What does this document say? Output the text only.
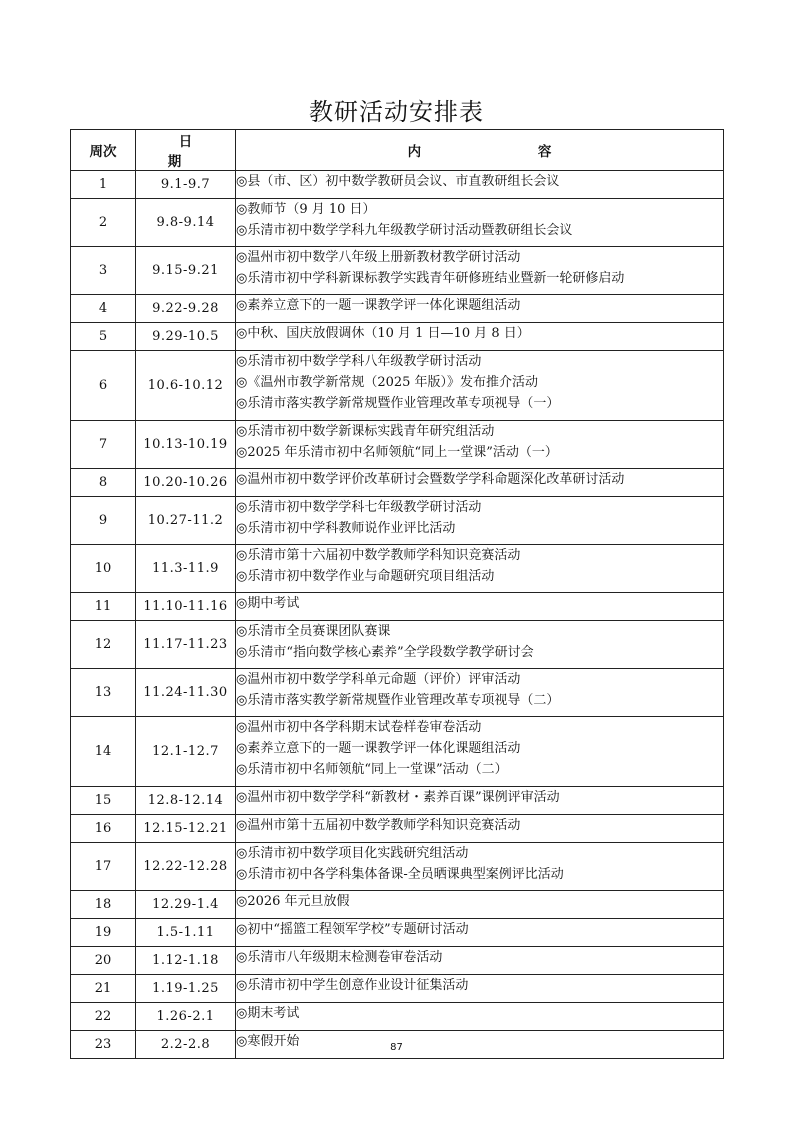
教研活动安排表
周次	日 期	内 容
1	9.1-9.7	◎县（市、区）初中数学教研员会议、市直教研组长会议

2	9.8-9.14	◎教师节（9 月 10 日）
◎乐清市初中数学学科九年级教学研讨活动暨教研组长会议

3	9.15-9.21	◎温州市初中数学八年级上册新教材教学研讨活动
◎乐清市初中学科新课标教学实践青年研修班结业暨新一轮研修启动

4	9.22-9.28	◎素养立意下的一题一课教学评一体化课题组活动

5	9.29-10.5	◎中秋、国庆放假调休（10 月 1 日—10 月 8 日）

6	10.6-10.12	◎乐清市初中数学学科八年级教学研讨活动
◎《温州市教学新常规（2025 年版）》发布推介活动
◎乐清市落实教学新常规暨作业管理改革专项视导（一）

7	10.13-10.19	◎乐清市初中数学新课标实践青年研究组活动
◎2025 年乐清市初中名师领航“同上一堂课”活动（一）

8	10.20-10.26	◎温州市初中数学评价改革研讨会暨数学学科命题深化改革研讨活动

9	10.27-11.2	◎乐清市初中数学学科七年级教学研讨活动
◎乐清市初中学科教师说作业评比活动

10	11.3-11.9	◎乐清市第十六届初中数学教师学科知识竞赛活动
◎乐清市初中数学作业与命题研究项目组活动

11	11.10-11.16	◎期中考试

12	11.17-11.23	◎乐清市全员赛课团队赛课
◎乐清市“指向数学核心素养”全学段数学教学研讨会

13	11.24-11.30	◎温州市初中数学学科单元命题（评价）评审活动
◎乐清市落实教学新常规暨作业管理改革专项视导（二）

14	12.1-12.7	◎温州市初中各学科期末试卷样卷审卷活动
◎素养立意下的一题一课教学评一体化课题组活动
◎乐清市初中名师领航“同上一堂课”活动（二）

15	12.8-12.14	◎温州市初中数学学科“新教材・素养百课”课例评审活动

16	12.15-12.21	◎温州市第十五届初中数学教师学科知识竞赛活动

17	12.22-12.28	◎乐清市初中数学项目化实践研究组活动
◎乐清市初中各学科集体备课-全员晒课典型案例评比活动

18	12.29-1.4	◎2026 年元旦放假

19	1.5-1.11	◎初中“摇篮工程领军学校”专题研讨活动

20	1.12-1.18	◎乐清市八年级期末检测卷审卷活动

21	1.19-1.25	◎乐清市初中学生创意作业设计征集活动

22	1.26-2.1	◎期末考试

23	2.2-2.8	◎寒假开始	87
